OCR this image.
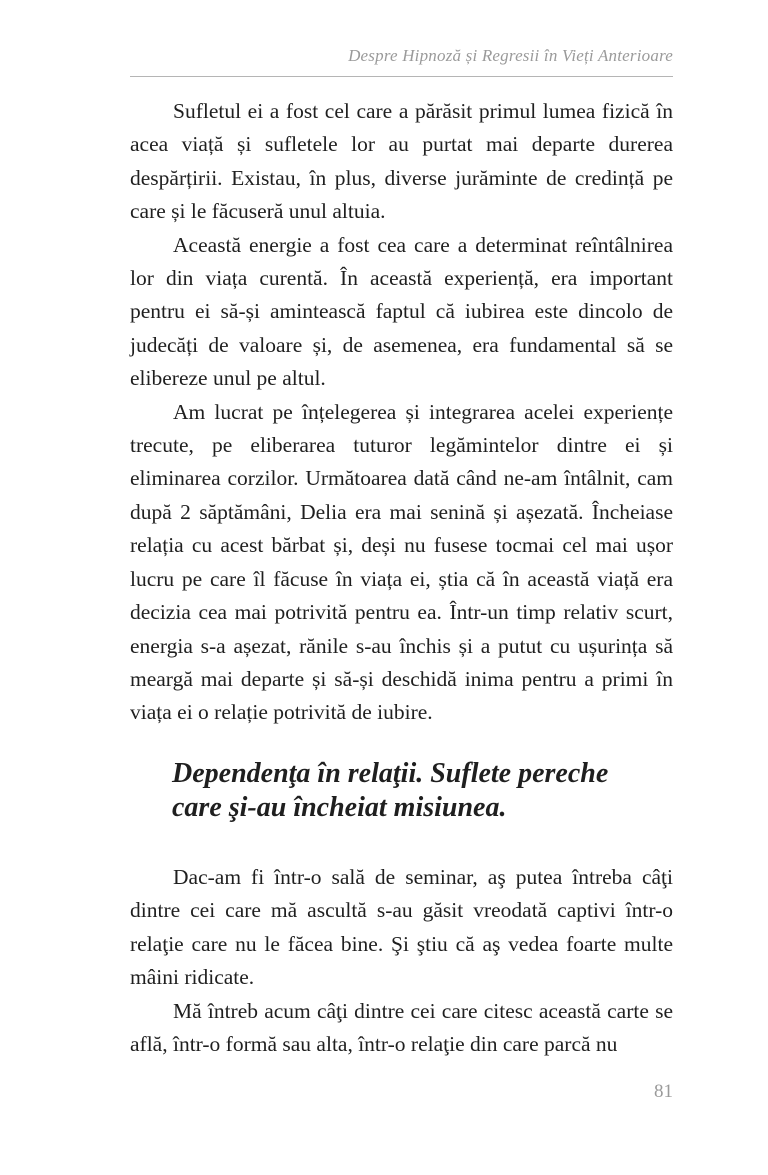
Despre Hipnoză și Regresii în Vieți Anterioare

Sufletul ei a fost cel care a părăsit primul lumea fizică în acea viață și sufletele lor au purtat mai departe durerea despărțirii. Existau, în plus, diverse jurăminte de credință pe care și le făcuseră unul altuia.

Această energie a fost cea care a determinat reîntâlnirea lor din viața curentă. În această experiență, era important pentru ei să-și amintească faptul că iubirea este dincolo de judecăți de valoare și, de asemenea, era fundamental să se elibereze unul pe altul.

Am lucrat pe înțelegerea și integrarea acelei experiențe trecute, pe eliberarea tuturor legămintelor dintre ei și eliminarea corzilor. Următoarea dată când ne-am întâlnit, cam după 2 săptămâni, Delia era mai senină și așezată. Încheiase relația cu acest bărbat și, deși nu fusese tocmai cel mai ușor lucru pe care îl făcuse în viața ei, știa că în această viață era decizia cea mai potrivită pentru ea. Într-un timp relativ scurt, energia s-a așezat, rănile s-au închis și a putut cu ușurința să meargă mai departe și să-și deschidă inima pentru a primi în viața ei o relație potrivită de iubire.

Dependenţa în relaţii. Suflete pereche
care şi-au încheiat misiunea.

Dac-am fi într-o sală de seminar, aş putea întreba câţi dintre cei care mă ascultă s-au găsit vreodată captivi într-o relaţie care nu le făcea bine. Şi ştiu că aş vedea foarte multe mâini ridicate.

Mă întreb acum câţi dintre cei care citesc această carte se află, într-o formă sau alta, într-o relaţie din care parcă nu

81
